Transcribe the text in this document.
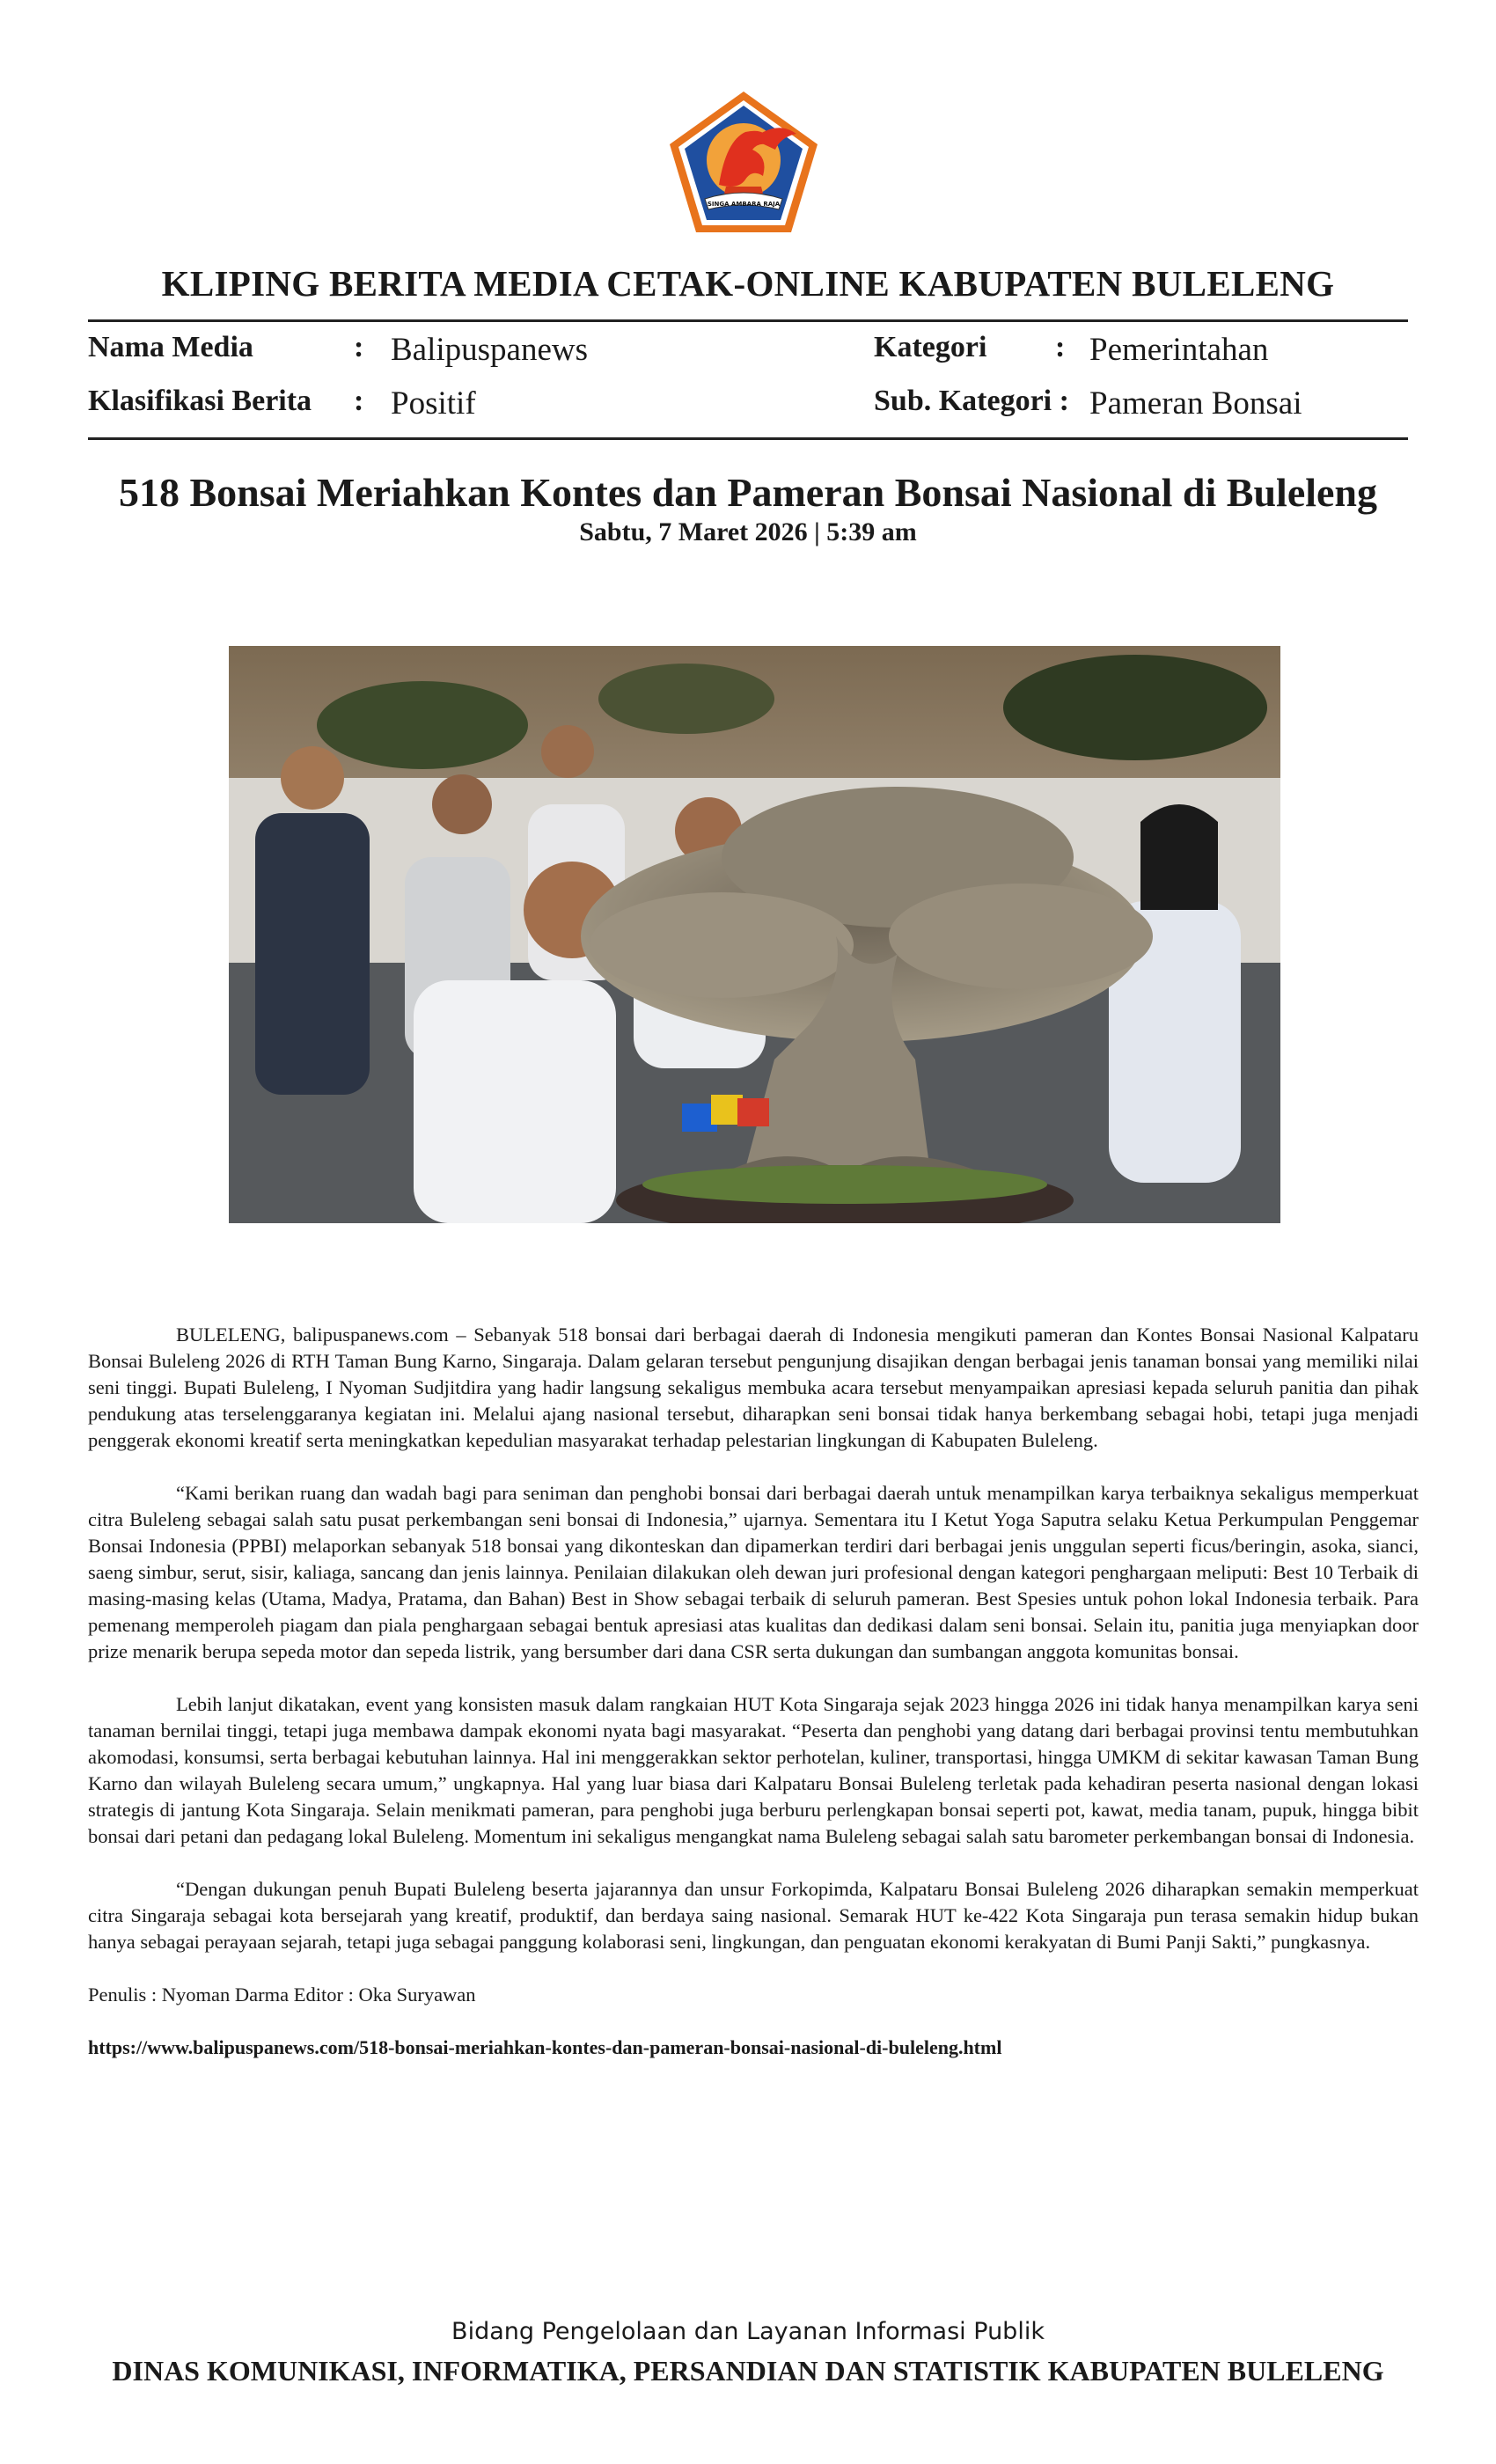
SINGA AMBARA RAJA
KLIPING BERITA MEDIA CETAK-ONLINE KABUPATEN BULELENG
Nama Media	: Balipuspanews
Klasifikasi Berita : Positif
Kategori : Pemerintahan
Sub. Kategori : Pameran Bonsai
518 Bonsai Meriahkan Kontes dan Pameran Bonsai Nasional di Buleleng
Sabtu, 7 Maret 2026 | 5:39 am

BULELENG, balipuspanews.com – Sebanyak 518 bonsai dari berbagai daerah di Indonesia mengikuti pameran dan Kontes Bonsai Nasional Kalpataru Bonsai Buleleng 2026 di RTH Taman Bung Karno, Singaraja. Dalam gelaran tersebut pengunjung disajikan dengan berbagai jenis tanaman bonsai yang memiliki nilai seni tinggi. Bupati Buleleng, I Nyoman Sudjitdira yang hadir langsung sekaligus membuka acara tersebut menyampaikan apresiasi kepada seluruh panitia dan pihak pendukung atas terselenggaranya kegiatan ini. Melalui ajang nasional tersebut, diharapkan seni bonsai tidak hanya berkembang sebagai hobi, tetapi juga menjadi penggerak ekonomi kreatif serta meningkatkan kepedulian masyarakat terhadap pelestarian lingkungan di Kabupaten Buleleng.

“Kami berikan ruang dan wadah bagi para seniman dan penghobi bonsai dari berbagai daerah untuk menampilkan karya terbaiknya sekaligus memperkuat citra Buleleng sebagai salah satu pusat perkembangan seni bonsai di Indonesia,” ujarnya. Sementara itu I Ketut Yoga Saputra selaku Ketua Perkumpulan Penggemar Bonsai Indonesia (PPBI) melaporkan sebanyak 518 bonsai yang dikonteskan dan dipamerkan terdiri dari berbagai jenis unggulan seperti ficus/beringin, asoka, sianci, saeng simbur, serut, sisir, kaliaga, sancang dan jenis lainnya. Penilaian dilakukan oleh dewan juri profesional dengan kategori penghargaan meliputi: Best 10 Terbaik di masing-masing kelas (Utama, Madya, Pratama, dan Bahan) Best in Show sebagai terbaik di seluruh pameran. Best Spesies untuk pohon lokal Indonesia terbaik. Para pemenang memperoleh piagam dan piala penghargaan sebagai bentuk apresiasi atas kualitas dan dedikasi dalam seni bonsai. Selain itu, panitia juga menyiapkan door prize menarik berupa sepeda motor dan sepeda listrik, yang bersumber dari dana CSR serta dukungan dan sumbangan anggota komunitas bonsai.

Lebih lanjut dikatakan, event yang konsisten masuk dalam rangkaian HUT Kota Singaraja sejak 2023 hingga 2026 ini tidak hanya menampilkan karya seni tanaman bernilai tinggi, tetapi juga membawa dampak ekonomi nyata bagi masyarakat. “Peserta dan penghobi yang datang dari berbagai provinsi tentu membutuhkan akomodasi, konsumsi, serta berbagai kebutuhan lainnya. Hal ini menggerakkan sektor perhotelan, kuliner, transportasi, hingga UMKM di sekitar kawasan Taman Bung Karno dan wilayah Buleleng secara umum,” ungkapnya. Hal yang luar biasa dari Kalpataru Bonsai Buleleng terletak pada kehadiran peserta nasional dengan lokasi strategis di jantung Kota Singaraja. Selain menikmati pameran, para penghobi juga berburu perlengkapan bonsai seperti pot, kawat, media tanam, pupuk, hingga bibit bonsai dari petani dan pedagang lokal Buleleng. Momentum ini sekaligus mengangkat nama Buleleng sebagai salah satu barometer perkembangan bonsai di Indonesia.

“Dengan dukungan penuh Bupati Buleleng beserta jajarannya dan unsur Forkopimda, Kalpataru Bonsai Buleleng 2026 diharapkan semakin memperkuat citra Singaraja sebagai kota bersejarah yang kreatif, produktif, dan berdaya saing nasional. Semarak HUT ke-422 Kota Singaraja pun terasa semakin hidup bukan hanya sebagai perayaan sejarah, tetapi juga sebagai panggung kolaborasi seni, lingkungan, dan penguatan ekonomi kerakyatan di Bumi Panji Sakti,” pungkasnya.

Penulis : Nyoman Darma Editor : Oka Suryawan

https://www.balipuspanews.com/518-bonsai-meriahkan-kontes-dan-pameran-bonsai-nasional-di-buleleng.html

Bidang Pengelolaan dan Layanan Informasi Publik
DINAS KOMUNIKASI, INFORMATIKA, PERSANDIAN DAN STATISTIK KABUPATEN BULELENG
